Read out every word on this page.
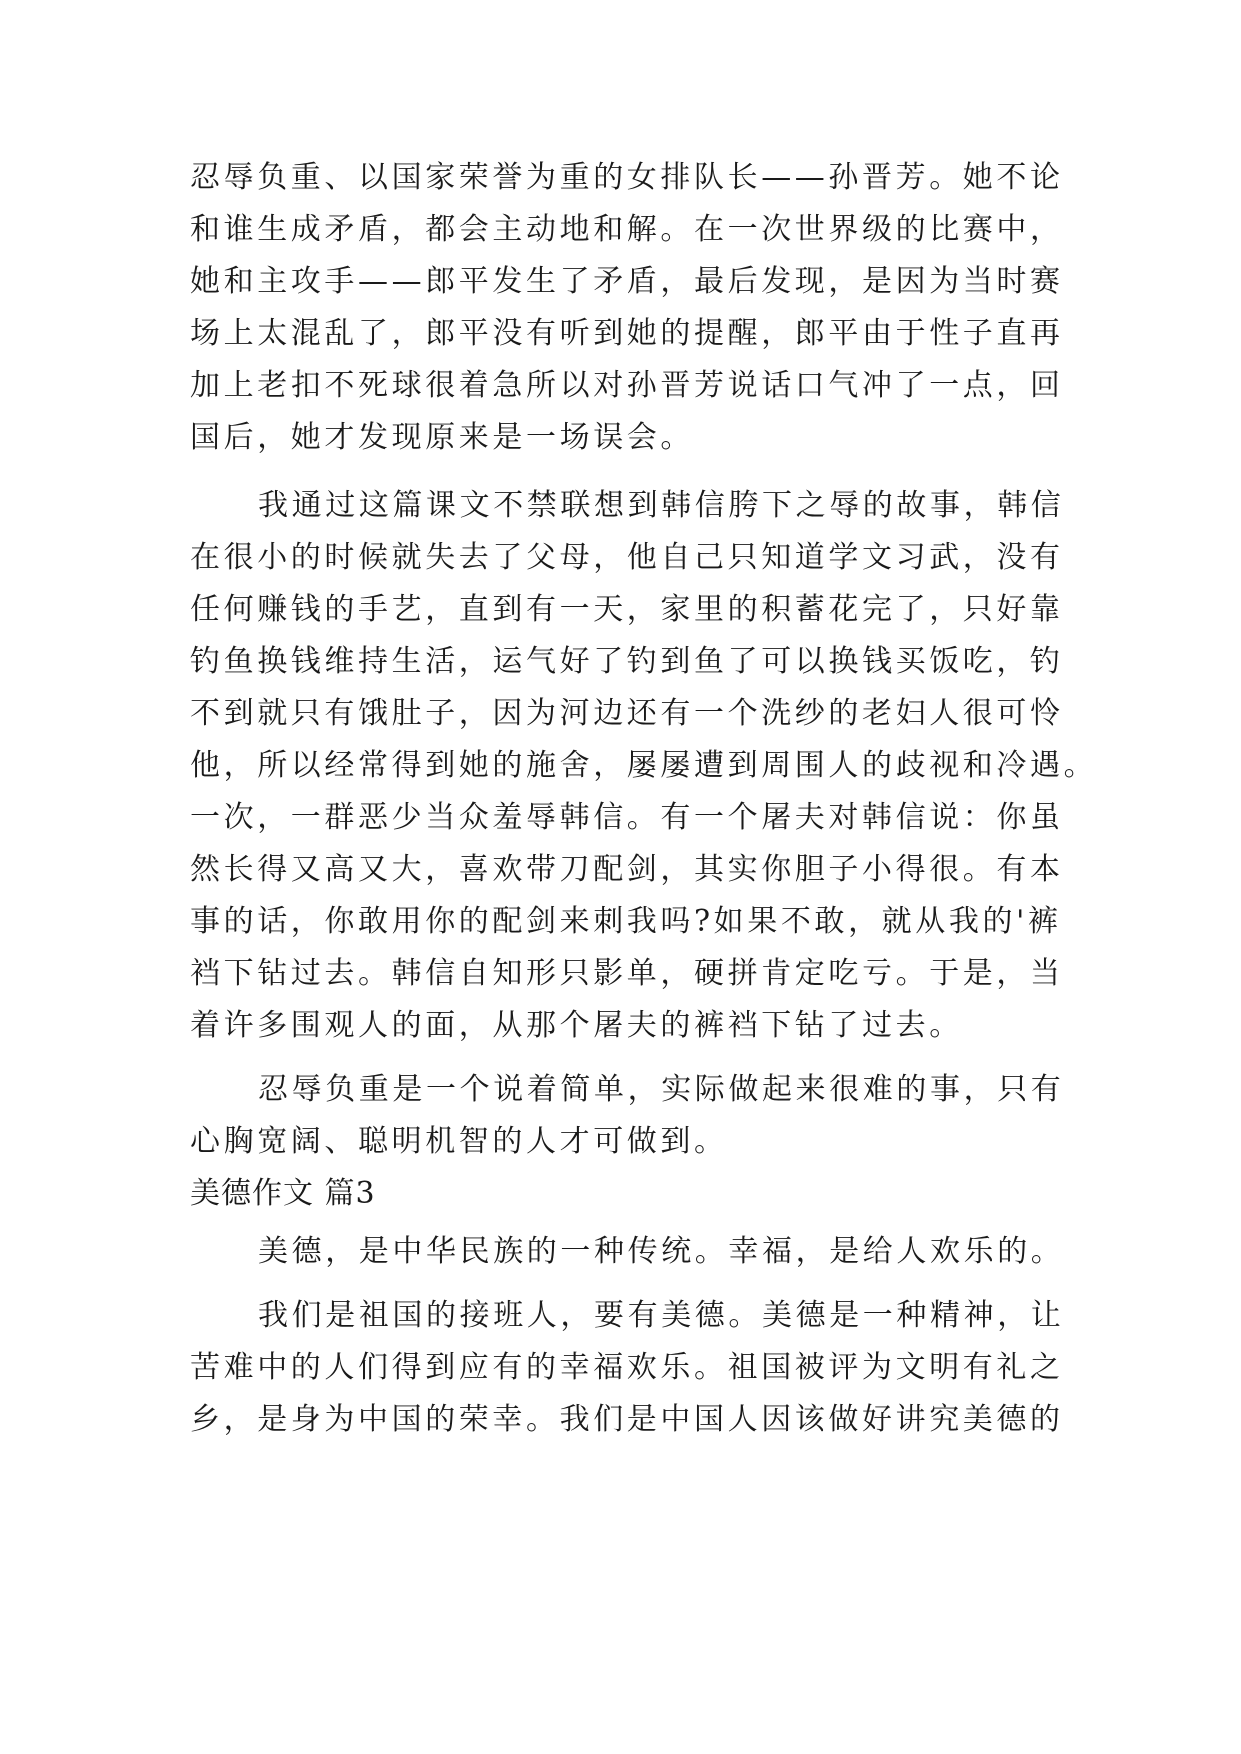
忍辱负重、以国家荣誉为重的女排队长——孙晋芳。她不论
和谁生成矛盾，都会主动地和解。在一次世界级的比赛中，
她和主攻手——郎平发生了矛盾，最后发现，是因为当时赛
场上太混乱了，郎平没有听到她的提醒，郎平由于性子直再
加上老扣不死球很着急所以对孙晋芳说话口气冲了一点，回
国后，她才发现原来是一场误会。
我通过这篇课文不禁联想到韩信胯下之辱的故事，韩信
在很小的时候就失去了父母，他自己只知道学文习武，没有
任何赚钱的手艺，直到有一天，家里的积蓄花完了，只好靠
钓鱼换钱维持生活，运气好了钓到鱼了可以换钱买饭吃，钓
不到就只有饿肚子，因为河边还有一个洗纱的老妇人很可怜
他，所以经常得到她的施舍，屡屡遭到周围人的歧视和冷遇。
一次，一群恶少当众羞辱韩信。有一个屠夫对韩信说：你虽
然长得又高又大，喜欢带刀配剑，其实你胆子小得很。有本
事的话，你敢用你的配剑来刺我吗?如果不敢，就从我的'裤
裆下钻过去。韩信自知形只影单，硬拼肯定吃亏。于是，当
着许多围观人的面，从那个屠夫的裤裆下钻了过去。
忍辱负重是一个说着简单，实际做起来很难的事，只有
心胸宽阔、聪明机智的人才可做到。
美德作文 篇3
美德，是中华民族的一种传统。幸福，是给人欢乐的。
我们是祖国的接班人，要有美德。美德是一种精神，让
苦难中的人们得到应有的幸福欢乐。祖国被评为文明有礼之
乡，是身为中国的荣幸。我们是中国人因该做好讲究美德的
